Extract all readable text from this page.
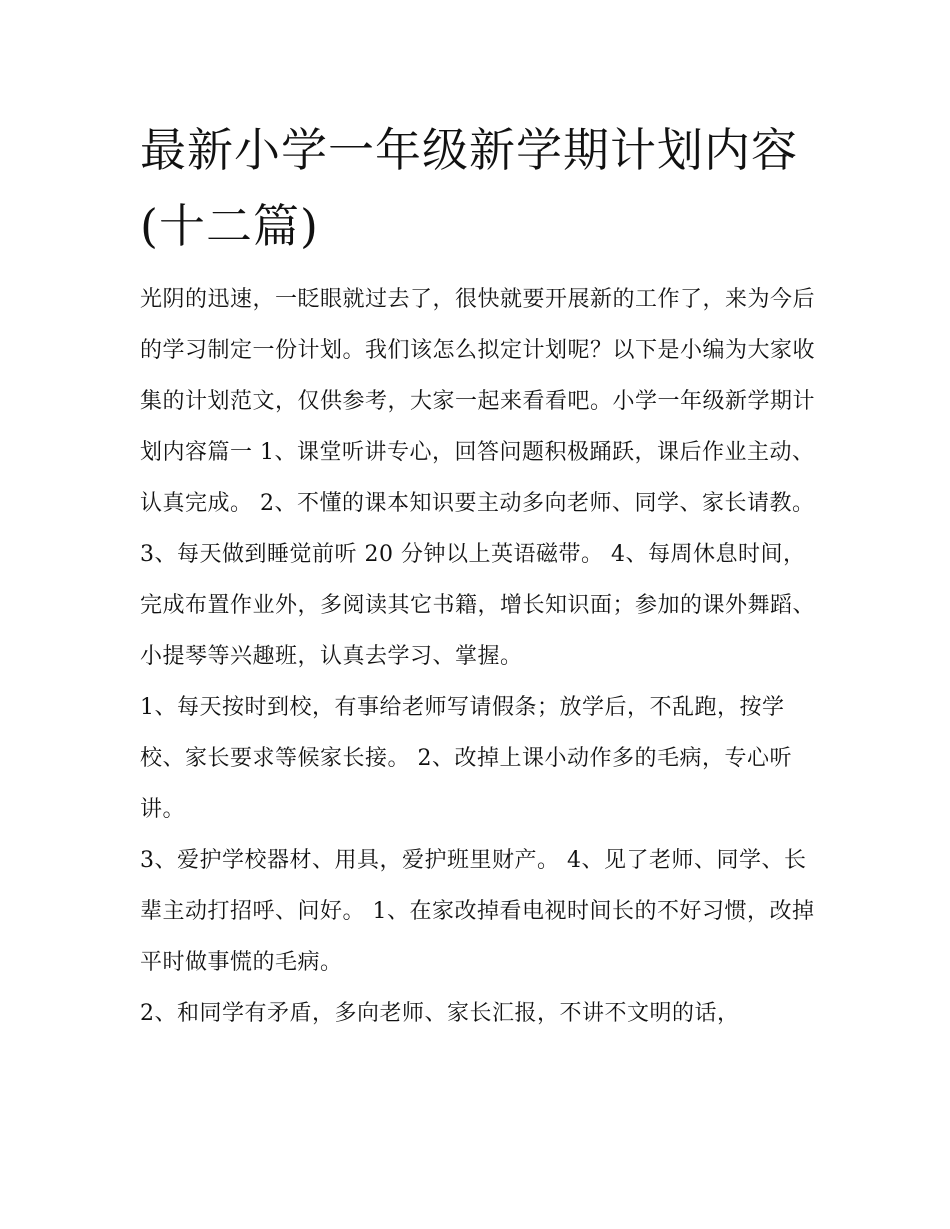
最新小学一年级新学期计划内容(十二篇)

光阴的迅速，一眨眼就过去了，很快就要开展新的工作了，来为今后的学习制定一份计划。我们该怎么拟定计划呢？以下是小编为大家收集的计划范文，仅供参考，大家一起来看看吧。小学一年级新学期计划内容篇一 1、课堂听讲专心，回答问题积极踊跃，课后作业主动、认真完成。 2、不懂的课本知识要主动多向老师、同学、家长请教。

3、每天做到睡觉前听 20 分钟以上英语磁带。 4、每周休息时间，完成布置作业外，多阅读其它书籍，增长知识面；参加的课外舞蹈、小提琴等兴趣班，认真去学习、掌握。

1、每天按时到校，有事给老师写请假条；放学后，不乱跑，按学校、家长要求等候家长接。 2、改掉上课小动作多的毛病，专心听讲。

3、爱护学校器材、用具，爱护班里财产。 4、见了老师、同学、长辈主动打招呼、问好。 1、在家改掉看电视时间长的不好习惯，改掉平时做事慌的毛病。

2、和同学有矛盾，多向老师、家长汇报，不讲不文明的话，
